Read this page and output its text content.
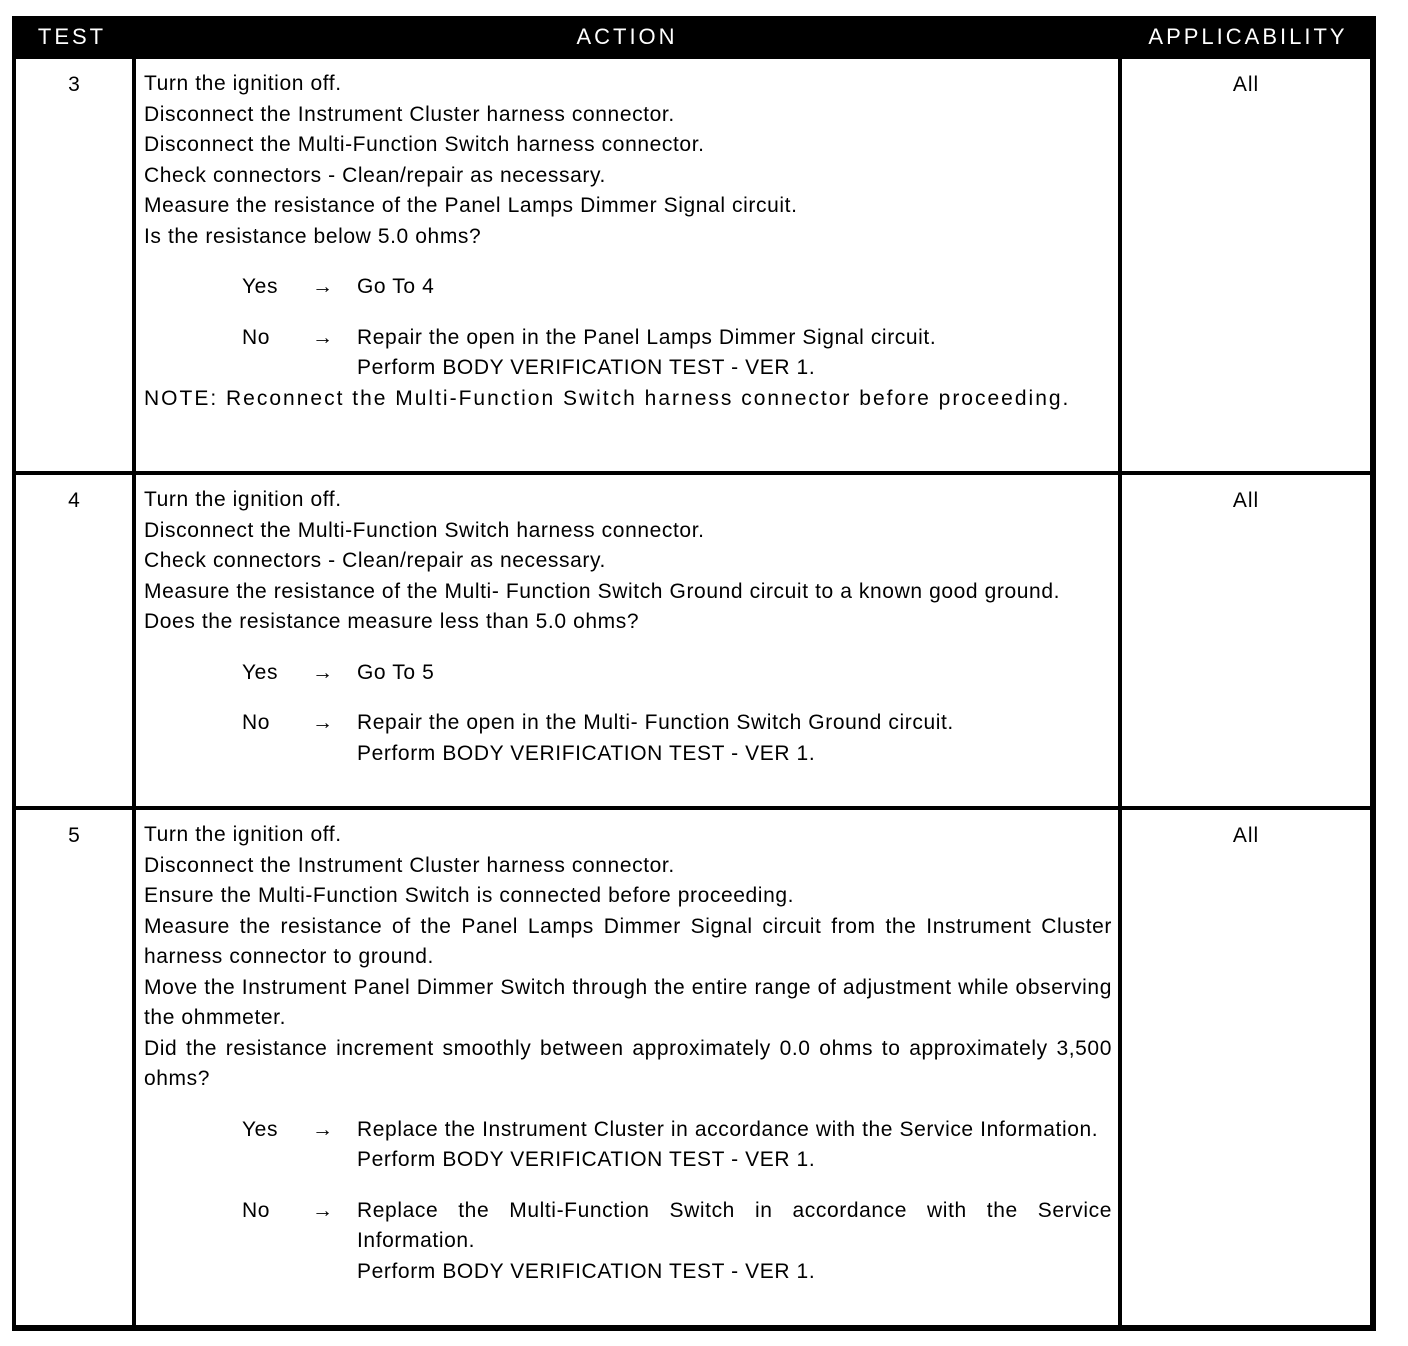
TEST	ACTION	APPLICABILITY
3	Turn the ignition off.

Disconnect the Instrument Cluster harness connector.

Disconnect the Multi-Function Switch harness connector.

Check connectors - Clean/repair as necessary.

Measure the resistance of the Panel Lamps Dimmer Signal circuit.

Is the resistance below 5.0 ohms?

Yes	→ Go To 4

No	→ Repair the open in the Panel Lamps Dimmer Signal circuit.

Perform BODY VERIFICATION TEST - VER 1.

NOTE: Reconnect the Multi-Function Switch harness connector before proceeding.

All
4	Turn the ignition off.

Disconnect the Multi-Function Switch harness connector.

Check connectors - Clean/repair as necessary.

Measure the resistance of the Multi- Function Switch Ground circuit to a known good ground.

Does the resistance measure less than 5.0 ohms?

Yes	→ Go To 5

No	→ Repair the open in the Multi- Function Switch Ground circuit.

Perform BODY VERIFICATION TEST - VER 1.

All
5	Turn the ignition off.

Disconnect the Instrument Cluster harness connector.

Ensure the Multi-Function Switch is connected before proceeding.

Measure the resistance of the Panel Lamps Dimmer Signal circuit from the Instrument Cluster harness connector to ground.

Move the Instrument Panel Dimmer Switch through the entire range of adjustment while observing the ohmmeter.

Did the resistance increment smoothly between approximately 0.0 ohms to approximately 3,500 ohms?

Yes	→ Replace the Instrument Cluster in accordance with the Service Information.

Perform BODY VERIFICATION TEST - VER 1.

No	→ Replace the Multi-Function Switch in accordance with the Service Information.

Perform BODY VERIFICATION TEST - VER 1.

All
